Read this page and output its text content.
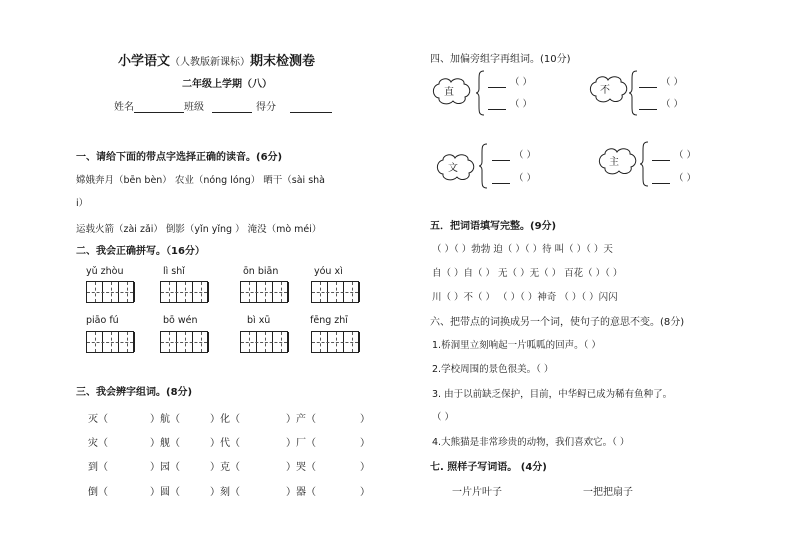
小学语文（人教版新课标）期末检测卷
二年级上学期（八）
姓名	班级	得分
一、请给下面的带点字选择正确的读音。(6分)
嫦娥奔月（bēn bèn） 农业（nóng lóng） 晒干（sài shà
i）
运载火箭（zài zǎi） 倒影（yǐn yǐng ） 淹没（mò méi）
二、我会正确拼写。（16分）
yǔ zhòu	lì shǐ	ōn biān	yóu xì
piāo fú	bō wén	bì xū	fēng zhī
三、我会辨字组词。(8分)
灭（	）航（	）化（	）产（	）
灾（	）舰（	）代（	）厂（	）
到（	）园（	）克（	）哭（	）
倒（	）圆（	）刻（	）器（	）
四、加偏旁组字再组词。(10分)
直
（ ）
（ ）
不
（ ）
（ ）
文
（ ）
（ ）
主
（ ）
（ ）
五．把词语填写完整。(9分)
（ ）（ ）勃勃 迫（ ）（ ）待 叫（ ）（ ）天
自（ ）自（ ） 无（ ）无（ ） 百花（ ）（ ）
川（ ）不（ ） （ ）（ ）神奇 （ ）（ ）闪闪
六、把带点的词换成另一个词，使句子的意思不变。(8分)
1.桥洞里立刻响起一片呱呱的回声。（ ）
2.学校周围的景色很美。（ ）
3. 由于以前缺乏保护，目前，中华鲟已成为稀有鱼种了。
（ ）
4.大熊猫是非常珍贵的动物，我们喜欢它。（ ）
七. 照样子写词语。 (4分)
一片片叶子	一把把扇子
